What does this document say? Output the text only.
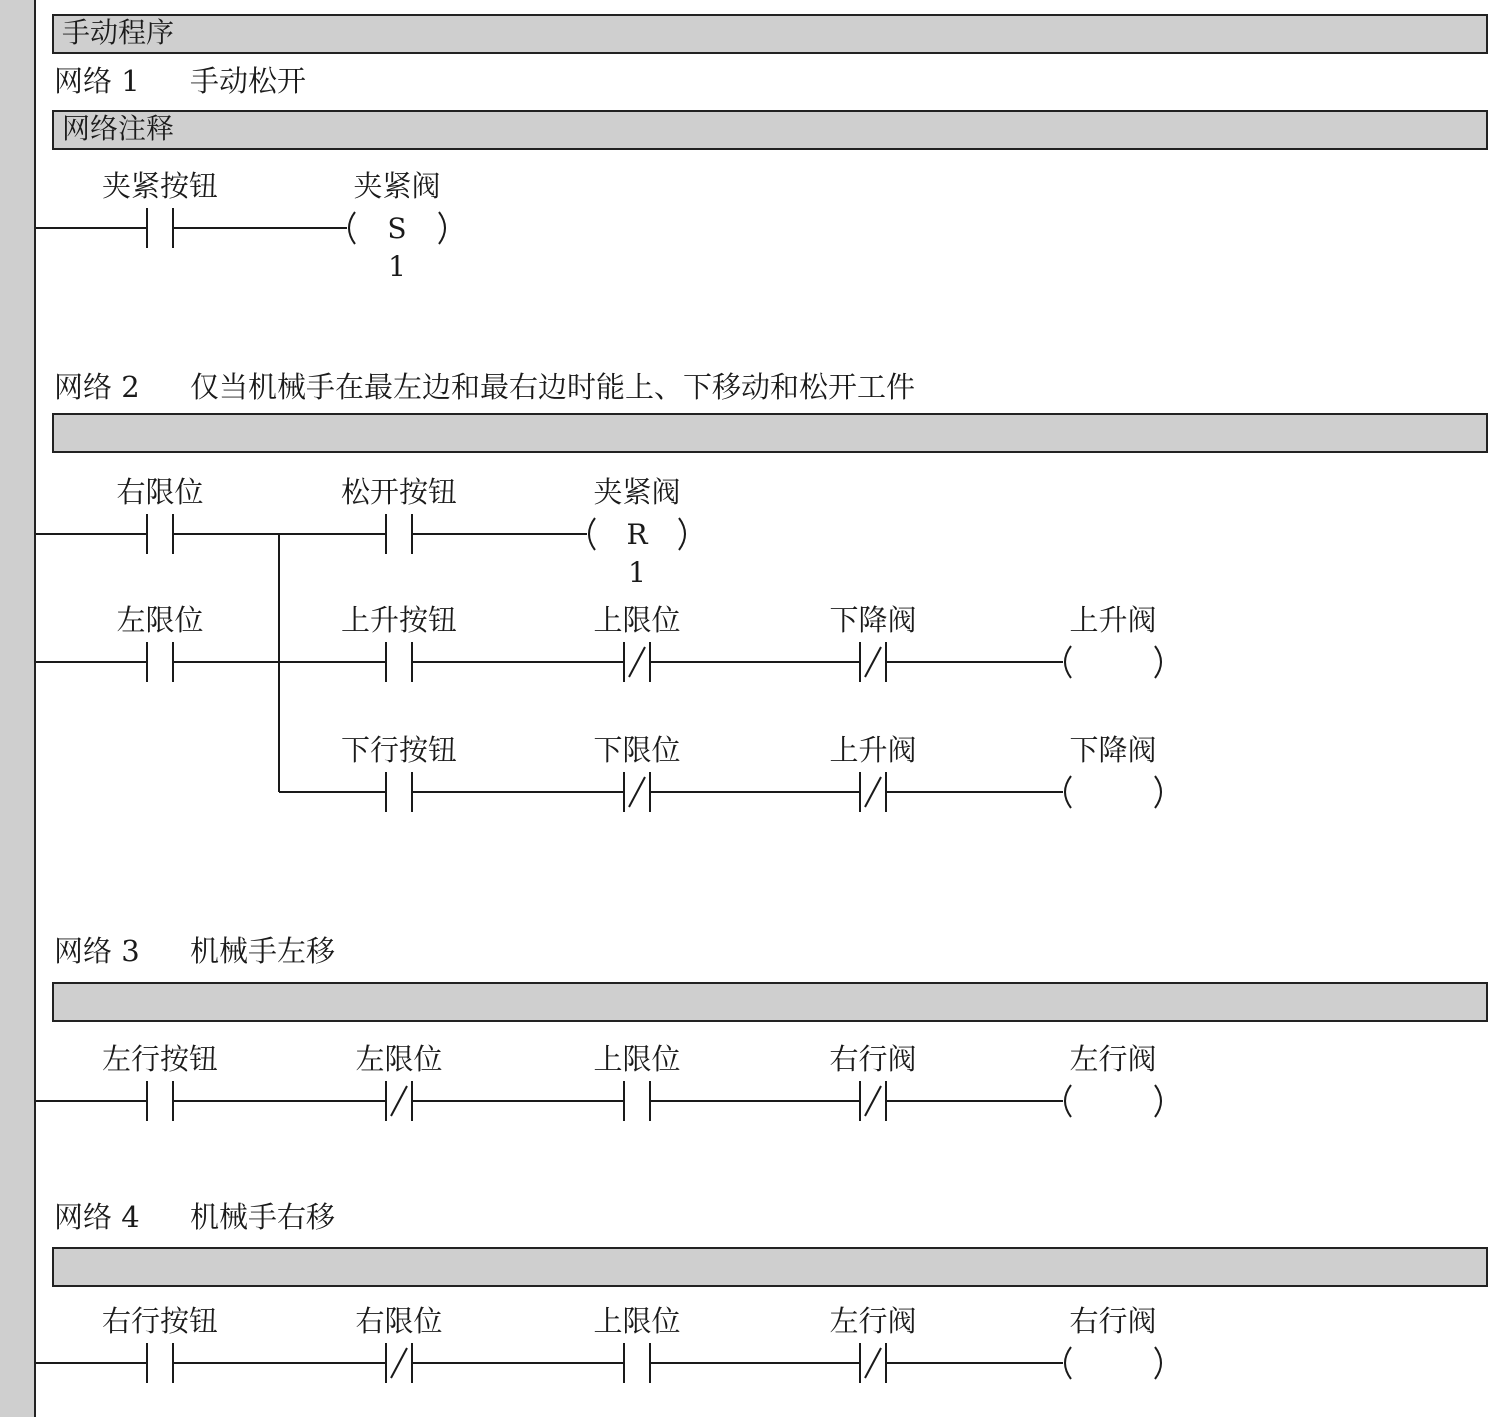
手动程序
网络 1 手动松开
网络注释
网络 2 仅当机械手在最左边和最右边时能上、下移动和松开工件
网络 3 机械手左移
网络 4 机械手右移
夹紧按钮	夹紧阀
S
1
右限位	松开按钮	夹紧阀
R
1
左限位	上升按钮	上限位	下降阀	上升阀
下行按钮	下限位	上升阀	下降阀
左行按钮	左限位	上限位	右行阀	左行阀
右行按钮	右限位	上限位	左行阀	右行阀
